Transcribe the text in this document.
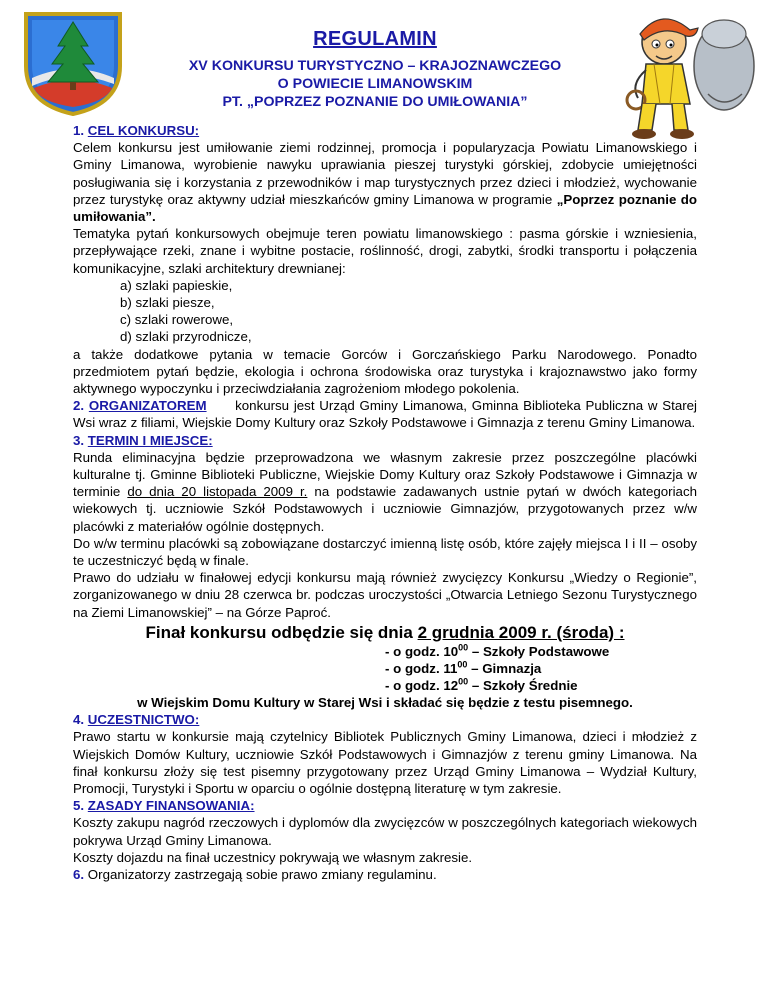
REGULAMIN
XV KONKURSU TURYSTYCZNO – KRAJOZNAWCZEGO
O POWIECIE LIMANOWSKIM
PT. „POPRZEZ POZNANIE DO UMIŁOWANIA”
1. CEL KONKURSU:

Celem konkursu jest umiłowanie ziemi rodzinnej, promocja i popularyzacja Powiatu Limanowskiego i Gminy Limanowa, wyrobienie nawyku uprawiania pieszej turystyki górskiej, zdobycie umiejętności posługiwania się i korzystania z przewodników i map turystycznych przez dzieci i młodzież, wychowanie przez turystykę oraz aktywny udział mieszkańców gminy Limanowa w programie „Poprzez poznanie do umiłowania”.

Tematyka pytań konkursowych obejmuje teren powiatu limanowskiego : pasma górskie i wzniesienia, przepływające rzeki, znane i wybitne postacie, roślinność, drogi, zabytki, środki transportu i połączenia komunikacyjne, szlaki architektury drewnianej:

a) szlaki papieskie,
b) szlaki piesze,
c) szlaki rowerowe,
d) szlaki przyrodnicze,

a także dodatkowe pytania w temacie Gorców i Gorczańskiego Parku Narodowego. Ponadto przedmiotem pytań będzie, ekologia i ochrona środowiska oraz turystyka i krajoznawstwo jako formy aktywnego wypoczynku i przeciwdziałania zagrożeniom młodego pokolenia.

2. ORGANIZATOREM konkursu jest Urząd Gminy Limanowa, Gminna Biblioteka Publiczna w Starej Wsi wraz z filiami, Wiejskie Domy Kultury oraz Szkoły Podstawowe i Gimnazja z terenu Gminy Limanowa.

3. TERMIN I MIEJSCE:

Runda eliminacyjna będzie przeprowadzona we własnym zakresie przez poszczególne placówki kulturalne tj. Gminne Biblioteki Publiczne, Wiejskie Domy Kultury oraz Szkoły Podstawowe i Gimnazja w terminie do dnia 20 listopada 2009 r. na podstawie zadawanych ustnie pytań w dwóch kategoriach wiekowych tj. uczniowie Szkół Podstawowych i uczniowie Gimnazjów, przygotowanych przez w/w placówki z materiałów ogólnie dostępnych.

Do w/w terminu placówki są zobowiązane dostarczyć imienną listę osób, które zajęły miejsca I i II – osoby te uczestniczyć będą w finale.

Prawo do udziału w finałowej edycji konkursu mają również zwycięzcy Konkursu „Wiedzy o Regionie”, zorganizowanego w dniu 28 czerwca br. podczas uroczystości „Otwarcia Letniego Sezonu Turystycznego na Ziemi Limanowskiej” – na Górze Paproć.

Finał konkursu odbędzie się dnia 2 grudnia 2009 r. (środa) :

- o godz. $10^{00}$ – Szkoły Podstawowe
- o godz. $11^{00}$ – Gimnazja
- o godz. $12^{00}$ – Szkoły Średnie
w Wiejskim Domu Kultury w Starej Wsi i składać się będzie z testu pisemnego.
4. UCZESTNICTWO:

Prawo startu w konkursie mają czytelnicy Bibliotek Publicznych Gminy Limanowa, dzieci i młodzież z Wiejskich Domów Kultury, uczniowie Szkół Podstawowych i Gimnazjów z terenu gminy Limanowa. Na finał konkursu złoży się test pisemny przygotowany przez Urząd Gminy Limanowa – Wydział Kultury, Promocji, Turystyki i Sportu w oparciu o ogólnie dostępną literaturę w tym zakresie.

5. ZASADY FINANSOWANIA:

Koszty zakupu nagród rzeczowych i dyplomów dla zwycięzców w poszczególnych kategoriach wiekowych pokrywa Urząd Gminy Limanowa.

Koszty dojazdu na finał uczestnicy pokrywają we własnym zakresie.

6. Organizatorzy zastrzegają sobie prawo zmiany regulaminu.
